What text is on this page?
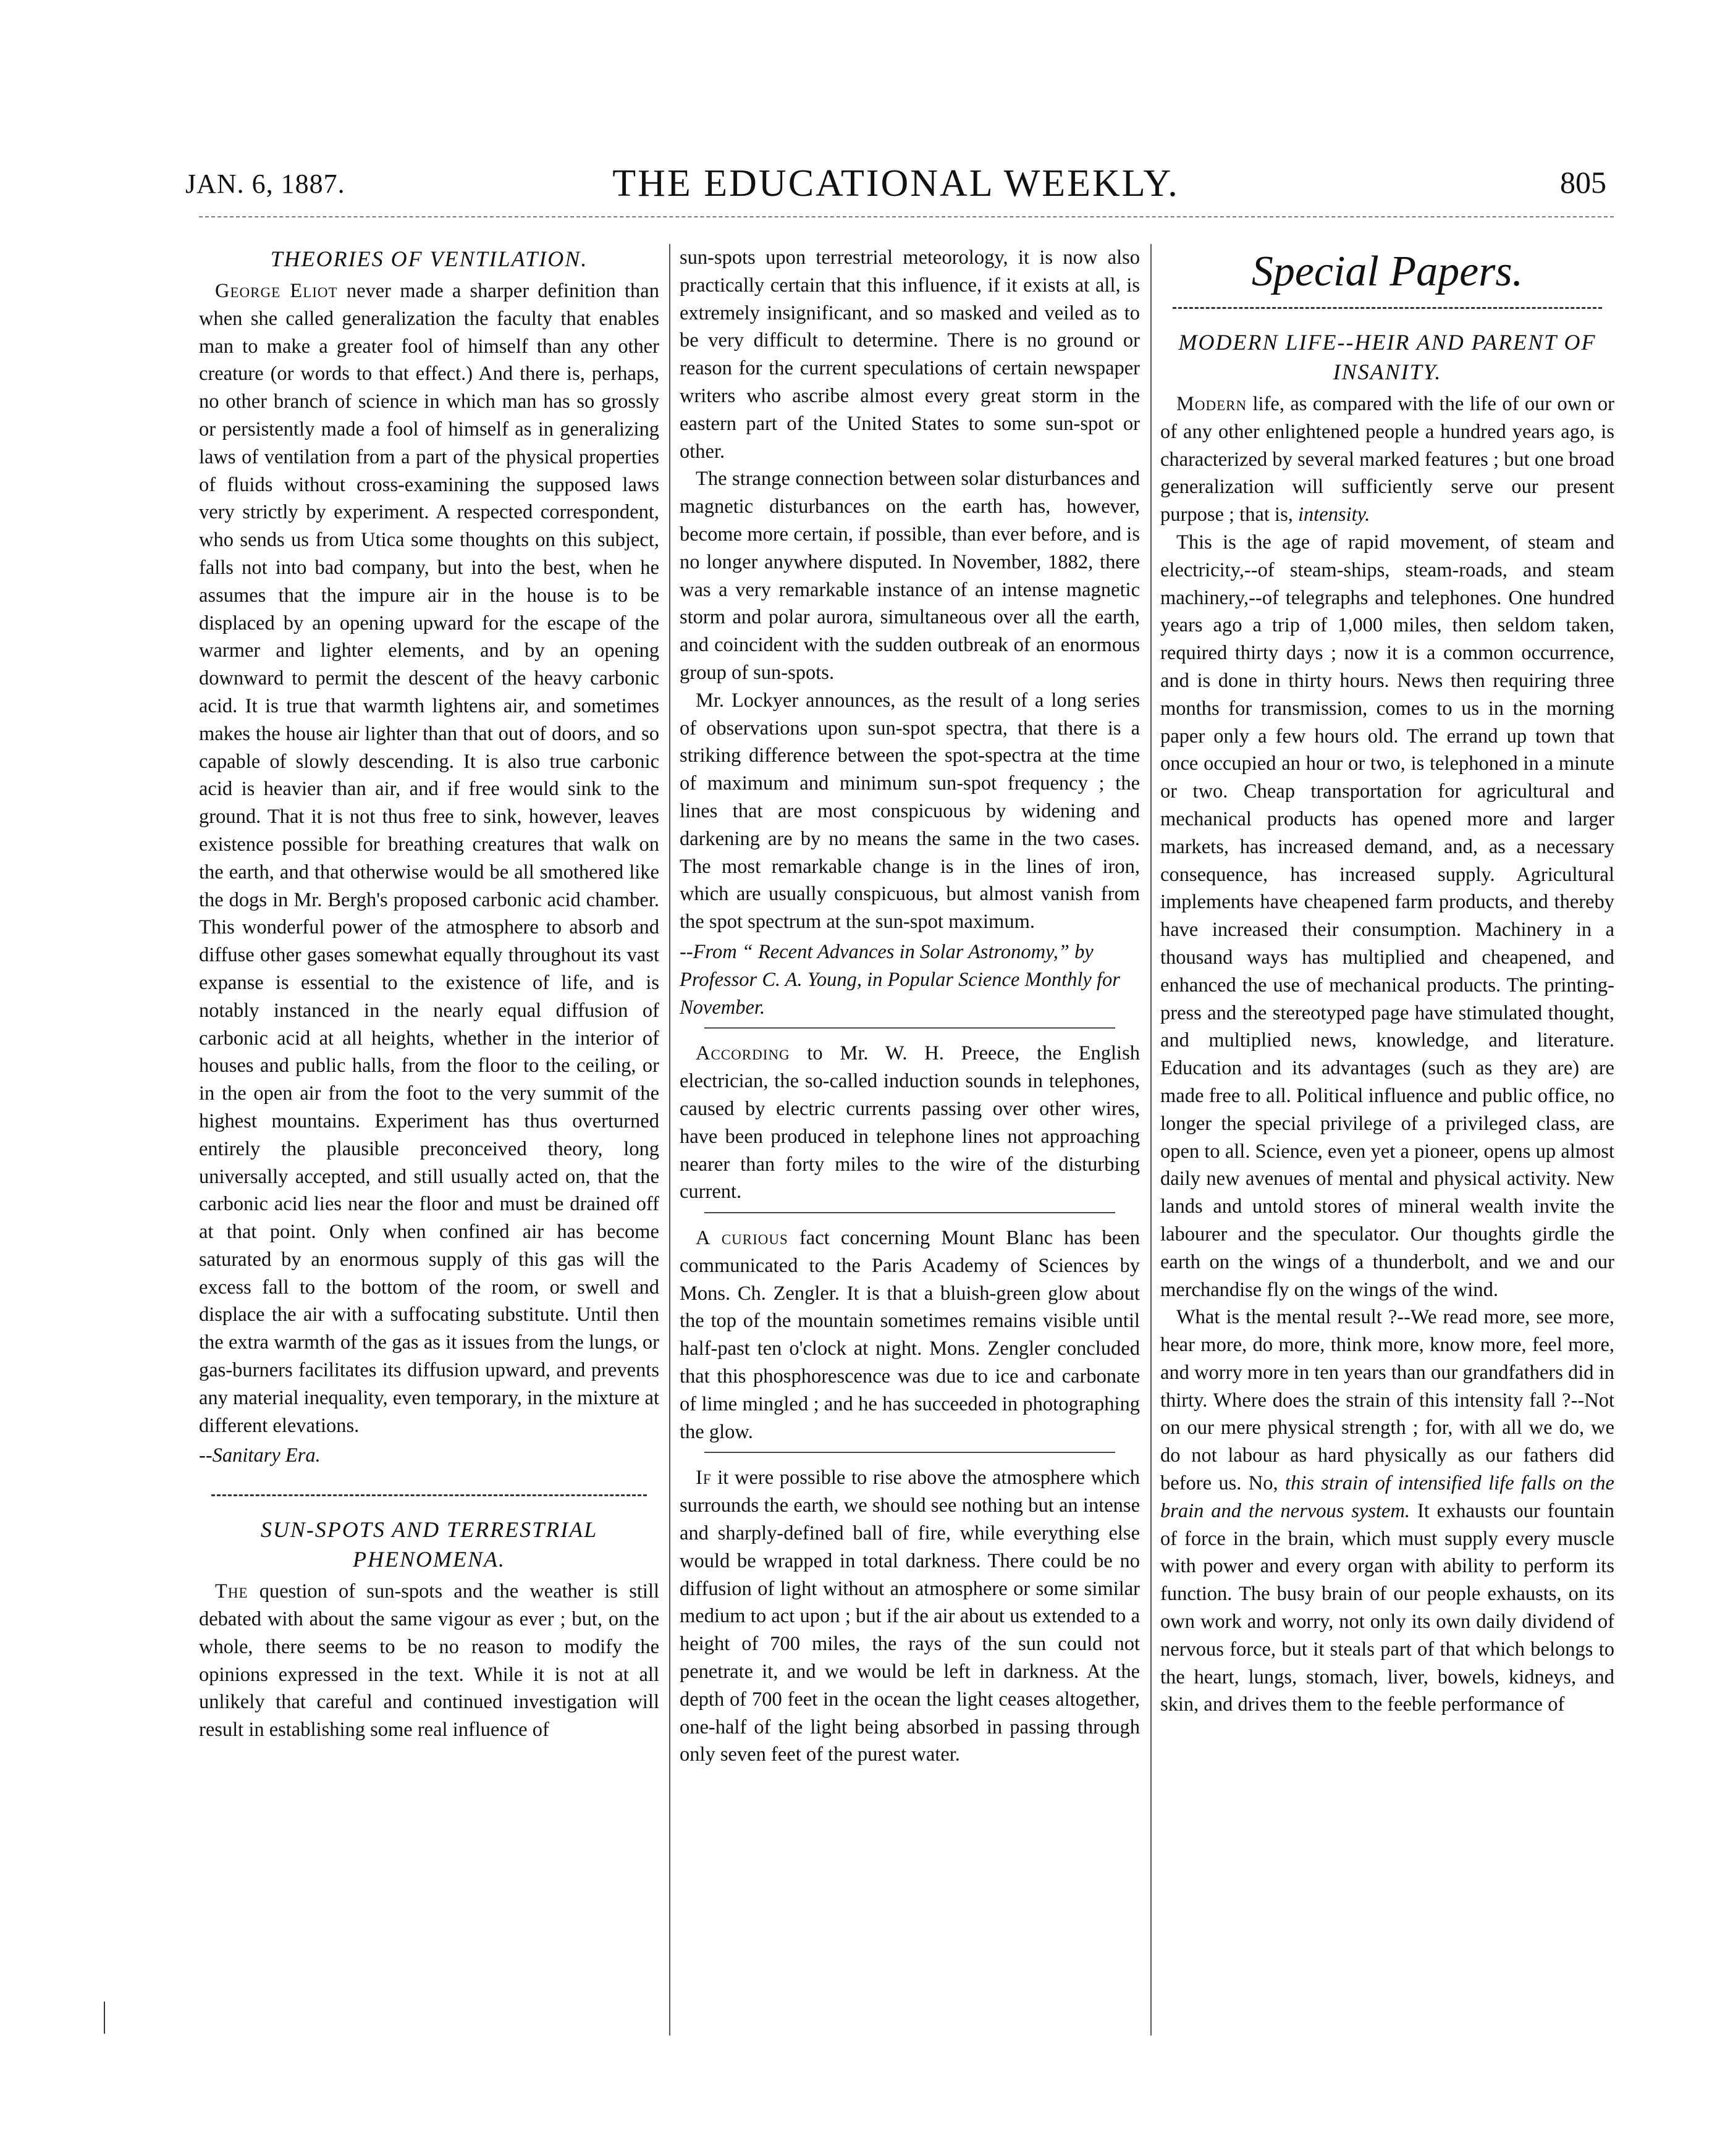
JAN. 6, 1887.	THE EDUCATIONAL WEEKLY.	805
THEORIES OF VENTILATION.

George Eliot never made a sharper definition than when she called generalization the faculty that enables man to make a greater fool of himself than any other creature (or words to that effect.) And there is, perhaps, no other branch of science in which man has so grossly or persistently made a fool of himself as in generalizing laws of ventilation from a part of the physical properties of fluids without cross-examining the supposed laws very strictly by experiment. A respected correspondent, who sends us from Utica some thoughts on this subject, falls not into bad company, but into the best, when he assumes that the impure air in the house is to be displaced by an opening upward for the escape of the warmer and lighter elements, and by an opening downward to permit the descent of the heavy carbonic acid. It is true that warmth lightens air, and sometimes makes the house air lighter than that out of doors, and so capable of slowly descending. It is also true carbonic acid is heavier than air, and if free would sink to the ground. That it is not thus free to sink, however, leaves existence possible for breathing creatures that walk on the earth, and that otherwise would be all smothered like the dogs in Mr. Bergh's proposed carbonic acid chamber. This wonderful power of the atmosphere to absorb and diffuse other gases somewhat equally throughout its vast expanse is essential to the existence of life, and is notably instanced in the nearly equal diffusion of carbonic acid at all heights, whether in the interior of houses and public halls, from the floor to the ceiling, or in the open air from the foot to the very summit of the highest mountains. Experiment has thus overturned entirely the plausible preconceived theory, long universally accepted, and still usually acted on, that the carbonic acid lies near the floor and must be drained off at that point. Only when confined air has become saturated by an enormous supply of this gas will the excess fall to the bottom of the room, or swell and displace the air with a suffocating substitute. Until then the extra warmth of the gas as it issues from the lungs, or gas-burners facilitates its diffusion upward, and prevents any material inequality, even temporary, in the mixture at different elevations.

--Sanitary Era.

SUN-SPOTS AND TERRESTRIAL PHENOMENA.

The question of sun-spots and the weather is still debated with about the same vigour as ever ; but, on the whole, there seems to be no reason to modify the opinions expressed in the text. While it is not at all unlikely that careful and continued investigation will result in establishing some real influence of

sun-spots upon terrestrial meteorology, it is now also practically certain that this influence, if it exists at all, is extremely insignificant, and so masked and veiled as to be very difficult to determine. There is no ground or reason for the current speculations of certain newspaper writers who ascribe almost every great storm in the eastern part of the United States to some sun-spot or other.

The strange connection between solar disturbances and magnetic disturbances on the earth has, however, become more certain, if possible, than ever before, and is no longer anywhere disputed. In November, 1882, there was a very remarkable instance of an intense magnetic storm and polar aurora, simultaneous over all the earth, and coincident with the sudden outbreak of an enormous group of sun-spots.

Mr. Lockyer announces, as the result of a long series of observations upon sun-spot spectra, that there is a striking difference between the spot-spectra at the time of maximum and minimum sun-spot frequency ; the lines that are most conspicuous by widening and darkening are by no means the same in the two cases. The most remarkable change is in the lines of iron, which are usually conspicuous, but almost vanish from the spot spectrum at the sun-spot maximum.

--From “ Recent Advances in Solar Astronomy,” by Professor C. A. Young, in Popular Science Monthly for November.

According to Mr. W. H. Preece, the English electrician, the so-called induction sounds in telephones, caused by electric currents passing over other wires, have been produced in telephone lines not approaching nearer than forty miles to the wire of the disturbing current.

A curious fact concerning Mount Blanc has been communicated to the Paris Academy of Sciences by Mons. Ch. Zengler. It is that a bluish-green glow about the top of the mountain sometimes remains visible until half-past ten o'clock at night. Mons. Zengler concluded that this phosphorescence was due to ice and carbonate of lime mingled ; and he has succeeded in photographing the glow.

If it were possible to rise above the atmosphere which surrounds the earth, we should see nothing but an intense and sharply-defined ball of fire, while everything else would be wrapped in total darkness. There could be no diffusion of light without an atmosphere or some similar medium to act upon ; but if the air about us extended to a height of 700 miles, the rays of the sun could not penetrate it, and we would be left in darkness. At the depth of 700 feet in the ocean the light ceases altogether, one-half of the light being absorbed in passing through only seven feet of the purest water.

Special Papers.
MODERN LIFE--HEIR AND PARENT OF INSANITY.

Modern life, as compared with the life of our own or of any other enlightened people a hundred years ago, is characterized by several marked features ; but one broad generalization will sufficiently serve our present purpose ; that is, intensity.

This is the age of rapid movement, of steam and electricity,--of steam-ships, steam-roads, and steam machinery,--of telegraphs and telephones. One hundred years ago a trip of 1,000 miles, then seldom taken, required thirty days ; now it is a common occurrence, and is done in thirty hours. News then requiring three months for transmission, comes to us in the morning paper only a few hours old. The errand up town that once occupied an hour or two, is telephoned in a minute or two. Cheap transportation for agricultural and mechanical products has opened more and larger markets, has increased demand, and, as a necessary consequence, has increased supply. Agricultural implements have cheapened farm products, and thereby have increased their consumption. Machinery in a thousand ways has multiplied and cheapened, and enhanced the use of mechanical products. The printing-press and the stereotyped page have stimulated thought, and multiplied news, knowledge, and literature. Education and its advantages (such as they are) are made free to all. Political influence and public office, no longer the special privilege of a privileged class, are open to all. Science, even yet a pioneer, opens up almost daily new avenues of mental and physical activity. New lands and untold stores of mineral wealth invite the labourer and the speculator. Our thoughts girdle the earth on the wings of a thunderbolt, and we and our merchandise fly on the wings of the wind.

What is the mental result ?--We read more, see more, hear more, do more, think more, know more, feel more, and worry more in ten years than our grandfathers did in thirty. Where does the strain of this intensity fall ?--Not on our mere physical strength ; for, with all we do, we do not labour as hard physically as our fathers did before us. No, this strain of intensified life falls on the brain and the nervous system. It exhausts our fountain of force in the brain, which must supply every muscle with power and every organ with ability to perform its function. The busy brain of our people exhausts, on its own work and worry, not only its own daily dividend of nervous force, but it steals part of that which belongs to the heart, lungs, stomach, liver, bowels, kidneys, and skin, and drives them to the feeble performance of
